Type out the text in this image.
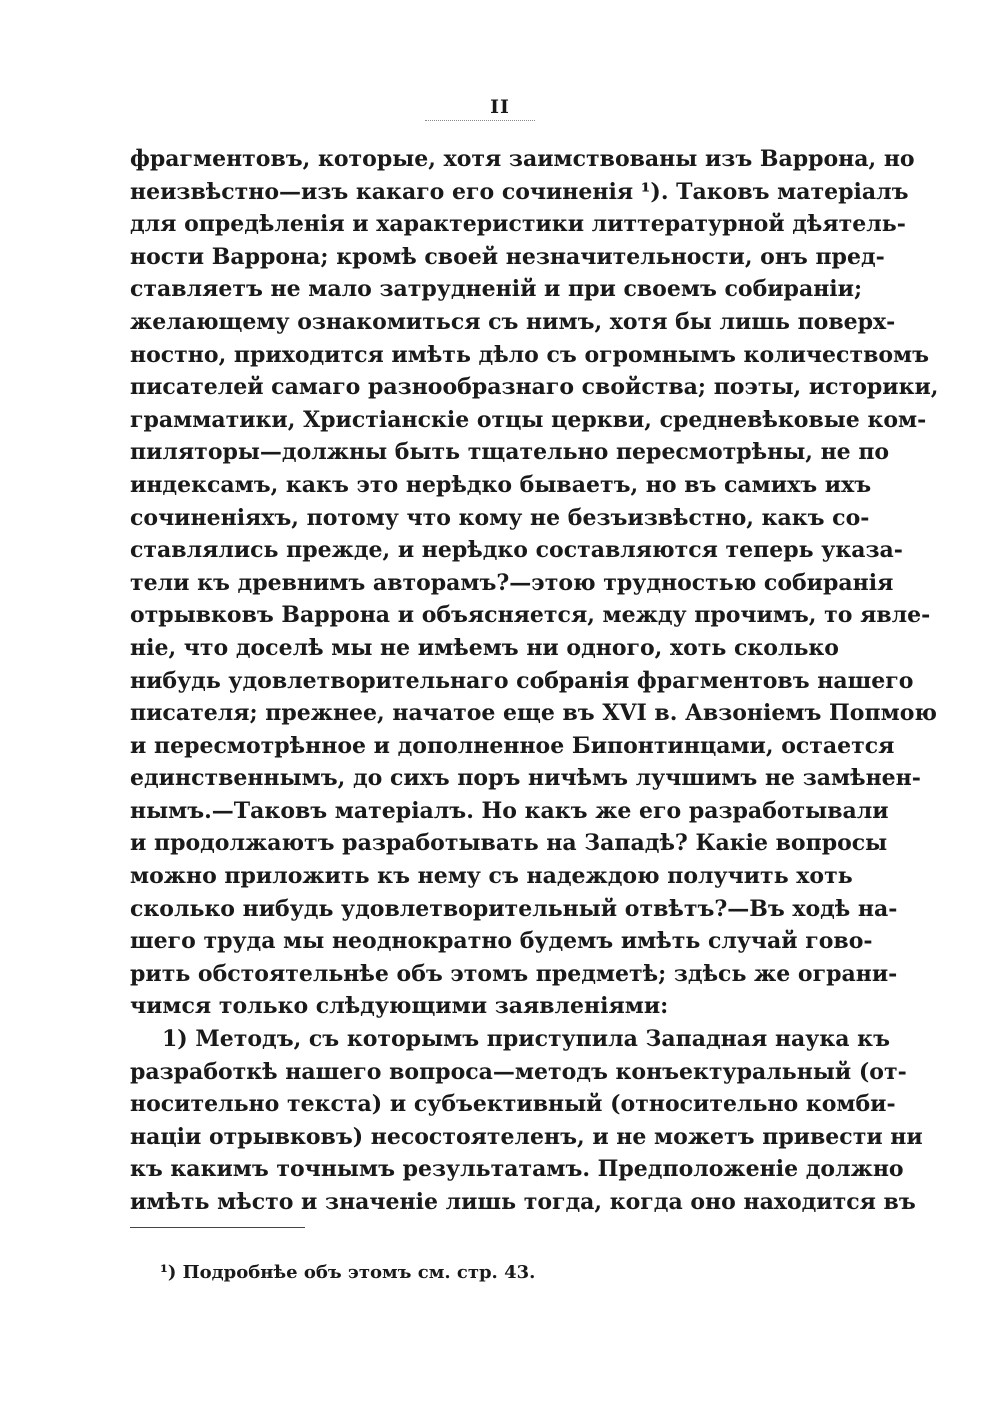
II
фрагментовъ, которые, хотя заимствованы изъ Варрона, но
неизвѣстно—изъ какаго его сочиненія ¹). Таковъ матеріалъ
для опредѣленія и характеристики литтературной дѣятель-
ности Варрона; кромѣ своей незначительности, онъ пред-
ставляетъ не мало затрудненій и при своемъ собираніи;
желающему ознакомиться съ нимъ, хотя бы лишь поверх-
ностно, приходится имѣть дѣло съ огромнымъ количествомъ
писателей самаго разнообразнаго свойства; поэты, историки,
грамматики, Христіанскіе отцы церкви, средневѣковые ком-
пиляторы—должны быть тщательно пересмотрѣны, не по
индексамъ, какъ это нерѣдко бываетъ, но въ самихъ ихъ
сочиненіяхъ, потому что кому не безъизвѣстно, какъ со-
ставлялись прежде, и нерѣдко составляются теперь указа-
тели къ древнимъ авторамъ?—этою трудностью собиранія
отрывковъ Варрона и объясняется, между прочимъ, то явле-
ніе, что доселѣ мы не имѣемъ ни одного, хоть сколько
нибудь удовлетворительнаго собранія фрагментовъ нашего
писателя; прежнее, начатое еще въ XVI в. Авзоніемъ Попмою
и пересмотрѣнное и дополненное Бипонтинцами, остается
единственнымъ, до сихъ поръ ничѣмъ лучшимъ не замѣнен-
нымъ.—Таковъ матеріалъ. Но какъ же его разработывали
и продолжаютъ разработывать на Западѣ? Какіе вопросы
можно приложить къ нему съ надеждою получить хоть
сколько нибудь удовлетворительный отвѣтъ?—Въ ходѣ на-
шего труда мы неоднократно будемъ имѣть случай гово-
рить обстоятельнѣе объ этомъ предметѣ; здѣсь же ограни-
чимся только слѣдующими заявленіями:
1) Методъ, съ которымъ приступила Западная наука къ
разработкѣ нашего вопроса—методъ конъектуральный (от-
носительно текста) и субъективный (относительно комби-
націи отрывковъ) несостоятеленъ, и не можетъ привести ни
къ какимъ точнымъ результатамъ. Предположеніе должно
имѣть мѣсто и значеніе лишь тогда, когда оно находится въ
¹) Подробнѣе объ этомъ см. стр. 43.
